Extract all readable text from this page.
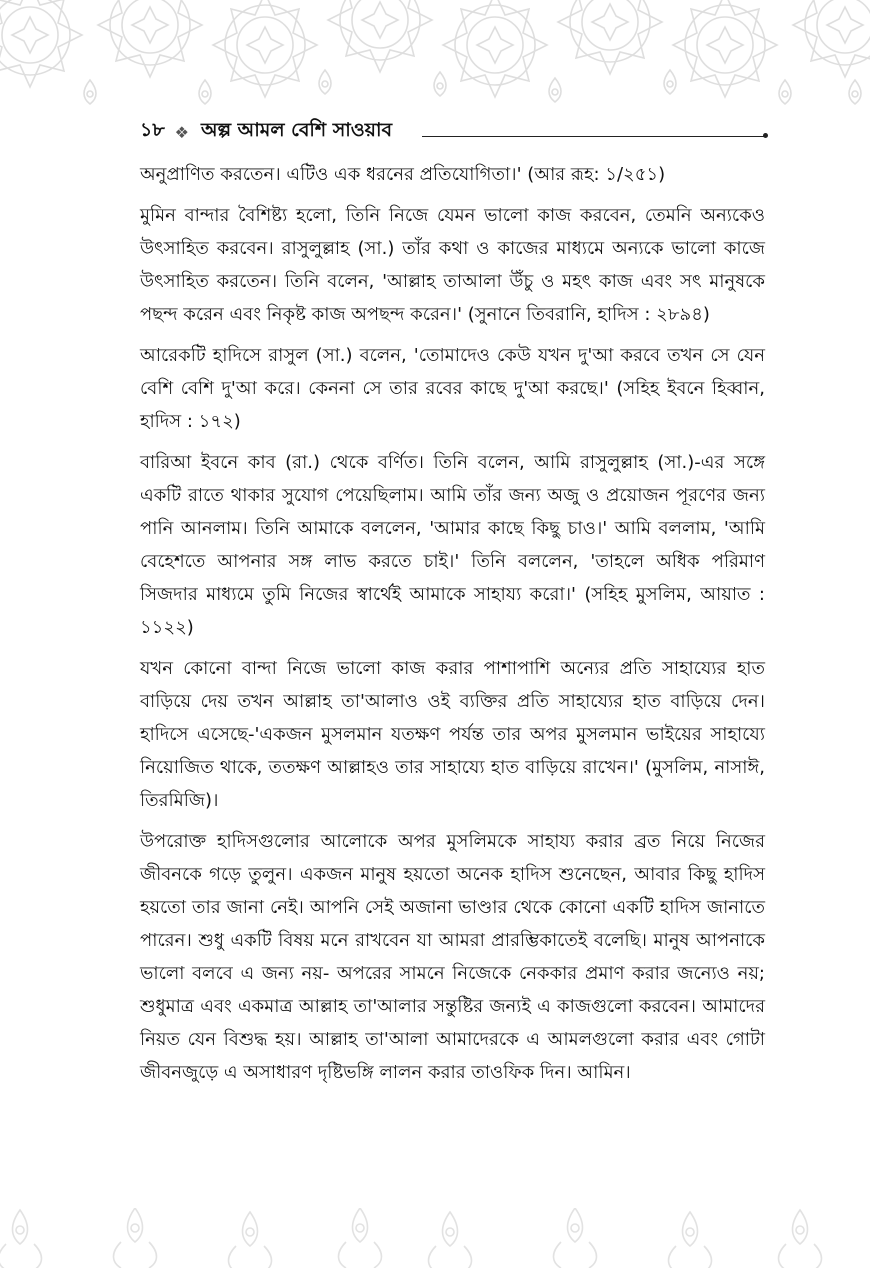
১৮ ❖ অল্প আমল বেশি সাওয়াব

অনুপ্রাণিত করতেন। এটিও এক ধরনের প্রতিযোগিতা।' (আর রূহ: ১/২৫১)

মুমিন বান্দার বৈশিষ্ট্য হলো, তিনি নিজে যেমন ভালো কাজ করবেন, তেমনি অন্যকেও উৎসাহিত করবেন। রাসুলুল্লাহ (সা.) তাঁর কথা ও কাজের মাধ্যমে অন্যকে ভালো কাজে উৎসাহিত করতেন। তিনি বলেন, 'আল্লাহ তাআলা উঁচু ও মহৎ কাজ এবং সৎ মানুষকে পছন্দ করেন এবং নিকৃষ্ট কাজ অপছন্দ করেন।' (সুনানে তিবরানি, হাদিস : ২৮৯৪)

আরেকটি হাদিসে রাসুল (সা.) বলেন, 'তোমাদেও কেউ যখন দু'আ করবে তখন সে যেন বেশি বেশি দু'আ করে। কেননা সে তার রবের কাছে দু'আ করছে।' (সহিহ ইবনে হিব্বান, হাদিস : ১৭২)

বারিআ ইবনে কাব (রা.) থেকে বর্ণিত। তিনি বলেন, আমি রাসুলুল্লাহ (সা.)-এর সঙ্গে একটি রাতে থাকার সুযোগ পেয়েছিলাম। আমি তাঁর জন্য অজু ও প্রয়োজন পূরণের জন্য পানি আনলাম। তিনি আমাকে বললেন, 'আমার কাছে কিছু চাও।' আমি বললাম, 'আমি বেহেশতে আপনার সঙ্গ লাভ করতে চাই।' তিনি বললেন, 'তাহলে অধিক পরিমাণ সিজদার মাধ্যমে তুমি নিজের স্বার্থেই আমাকে সাহায্য করো।' (সহিহ মুসলিম, আয়াত : ১১২২)

যখন কোনো বান্দা নিজে ভালো কাজ করার পাশাপাশি অন্যের প্রতি সাহায্যের হাত বাড়িয়ে দেয় তখন আল্লাহ তা'আলাও ওই ব্যক্তির প্রতি সাহায্যের হাত বাড়িয়ে দেন। হাদিসে এসেছে-'একজন মুসলমান যতক্ষণ পর্যন্ত তার অপর মুসলমান ভাইয়ের সাহায্যে নিয়োজিত থাকে, ততক্ষণ আল্লাহও তার সাহায্যে হাত বাড়িয়ে রাখেন।' (মুসলিম, নাসাঈ, তিরমিজি)।

উপরোক্ত হাদিসগুলোর আলোকে অপর মুসলিমকে সাহায্য করার ব্রত নিয়ে নিজের জীবনকে গড়ে তুলুন। একজন মানুষ হয়তো অনেক হাদিস শুনেছেন, আবার কিছু হাদিস হয়তো তার জানা নেই। আপনি সেই অজানা ভাণ্ডার থেকে কোনো একটি হাদিস জানাতে পারেন। শুধু একটি বিষয় মনে রাখবেন যা আমরা প্রারম্ভিকাতেই বলেছি। মানুষ আপনাকে ভালো বলবে এ জন্য নয়- অপরের সামনে নিজেকে নেককার প্রমাণ করার জন্যেও নয়; শুধুমাত্র এবং একমাত্র আল্লাহ তা'আলার সন্তুষ্টির জন্যই এ কাজগুলো করবেন। আমাদের নিয়ত যেন বিশুদ্ধ হয়। আল্লাহ তা'আলা আমাদেরকে এ আমলগুলো করার এবং গোটা জীবনজুড়ে এ অসাধারণ দৃষ্টিভঙ্গি লালন করার তাওফিক দিন। আমিন।
